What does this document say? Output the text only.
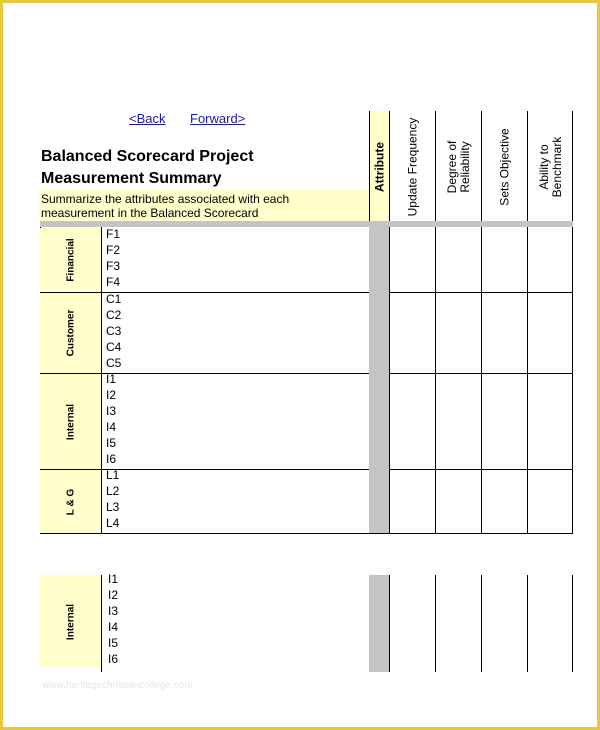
<Back Forward>
Balanced Scorecard Project
Measurement Summary
Summarize the attributes associated with each
measurement in the Balanced Scorecard
Attribute Update Frequency Degree of
Reliability Sets Objective Ability to
Benchmark
Financial
Customer
Internal
L & G
F1
F2
F3
F4
C1
C2
C3
C4
C5
I1
I2
I3
I4
I5
I6
L1
L2
L3
L4
Internal
I1
I2
I3
I4
I5
I6
www.heritagechristiancollege.com
